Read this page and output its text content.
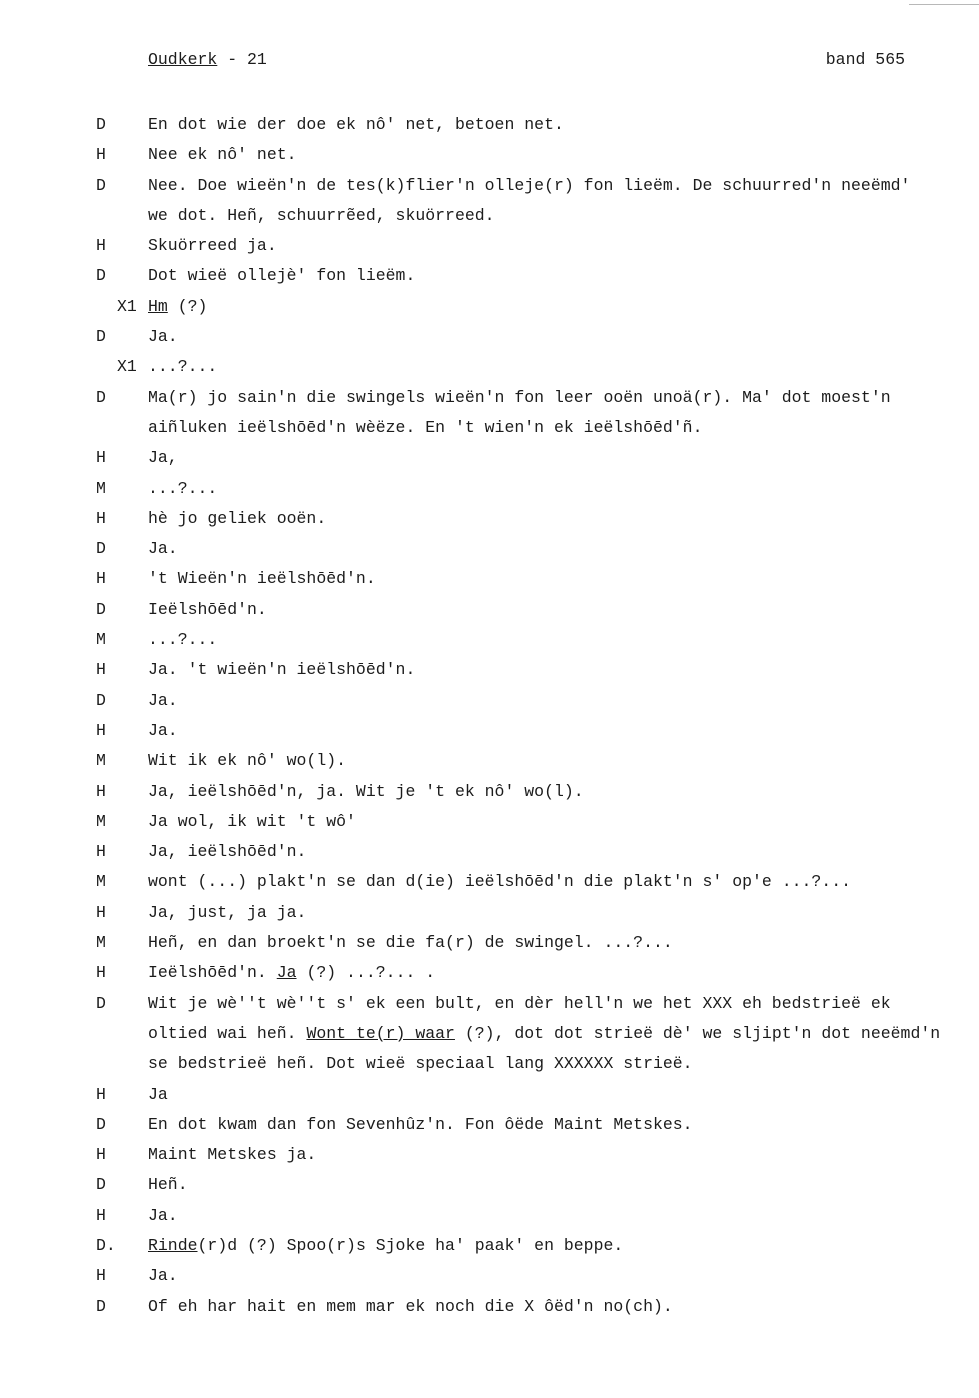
Oudkerk - 21	band 565
D	En dot wie der doe ek nô' net, betoen net.
H	Nee ek nô' net.
D	Nee. Doe wieën'n de tes(k)flier'n olleje(r) fon lieëm. De schuurred'n neeëmd'
we dot. Heñ, schuurrẽed, skuörreed.
H	Skuörreed ja.
D	Dot wieë ollejè' fon lieëm.
X1 Hm (?)
D	Ja.
X1 ...?...
D	Ma(r) jo sain'n die swingels wieën'n fon leer ooën unoä(r). Ma' dot moest'n
aiñluken ieëlshōēd'n wèëze. En 't wien'n ek ieëlshōēd'ñ.
H	Ja,
M	...?...
H	hè jo geliek ooën.
D	Ja.
H	't Wieën'n ieëlshōēd'n.
D	Ieëlshōēd'n.
M	...?...
H	Ja. 't wieën'n ieëlshōēd'n.
D	Ja.
H	Ja.
M	Wit ik ek nô' wo(l).
H	Ja, ieëlshōēd'n, ja. Wit je 't ek nô' wo(l).
M	Ja wol, ik wit 't wô'
H	Ja, ieëlshōēd'n.
M	wont (...) plakt'n se dan d(ie) ieëlshōēd'n die plakt'n s' op'e ...?...
H	Ja, just, ja ja.
M	Heñ, en dan broekt'n se die fa(r) de swingel. ...?...
H	Ieëlshōēd'n. Ja (?) ...?... .
D	Wit je wè''t wè''t s' ek een bult, en dèr hell'n we het XXX eh bedstrieë ek
oltied wai heñ. Wont te(r) waar (?), dot dot strieë dè' we sljipt'n dot neeëmd'n
se bedstrieë heñ. Dot wieë speciaal lang XXXXXX strieë.
H	Ja
D	En dot kwam dan fon Sevenhûz'n. Fon ôëde Maint Metskes.
H	Maint Metskes ja.
D	Heñ.
H	Ja.
D. Rinde(r)d (?) Spoo(r)s Sjoke ha' paak' en beppe.
H	Ja.
D	Of eh har hait en mem mar ek noch die X ôëd'n no(ch).
